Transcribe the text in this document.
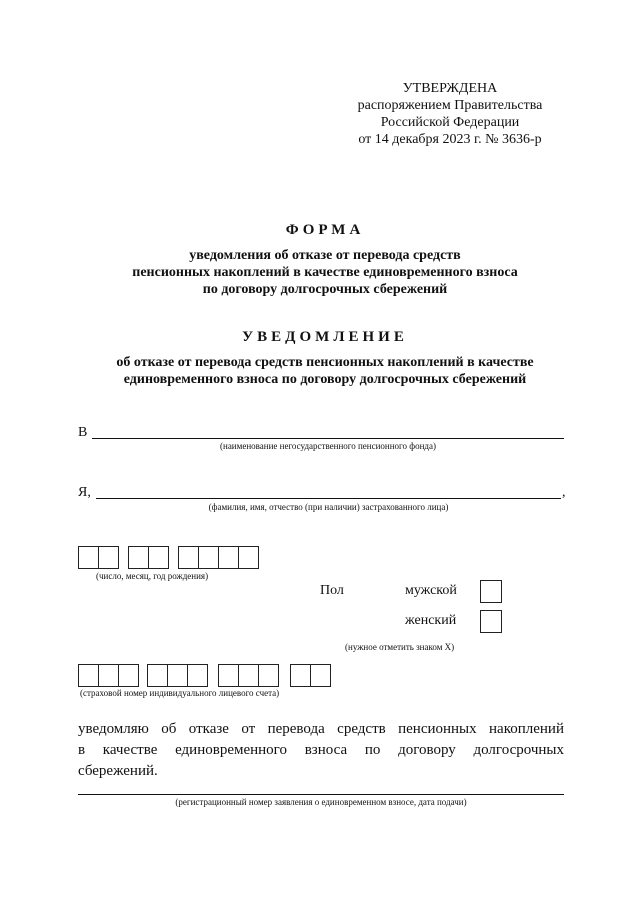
УТВЕРЖДЕНА
распоряжением Правительства
Российской Федерации
от 14 декабря 2023 г. № 3636-р
ФОРМА
уведомления об отказе от перевода средств
пенсионных накоплений в качестве единовременного взноса
по договору долгосрочных сбережений
УВЕДОМЛЕНИЕ
об отказе от перевода средств пенсионных накоплений в качестве
единовременного взноса по договору долгосрочных сбережений
В
(наименование негосударственного пенсионного фонда)
Я,	,
(фамилия, имя, отчество (при наличии) застрахованного лица)
(число, месяц, год рождения)
Пол	мужской
женский
(нужное отметить знаком Х)
(страховой номер индивидуального лицевого счета)
уведомляю об отказе от перевода средств пенсионных накоплений
в качестве единовременного взноса по договору долгосрочных
сбережений.
(регистрационный номер заявления о единовременном взносе, дата подачи)
